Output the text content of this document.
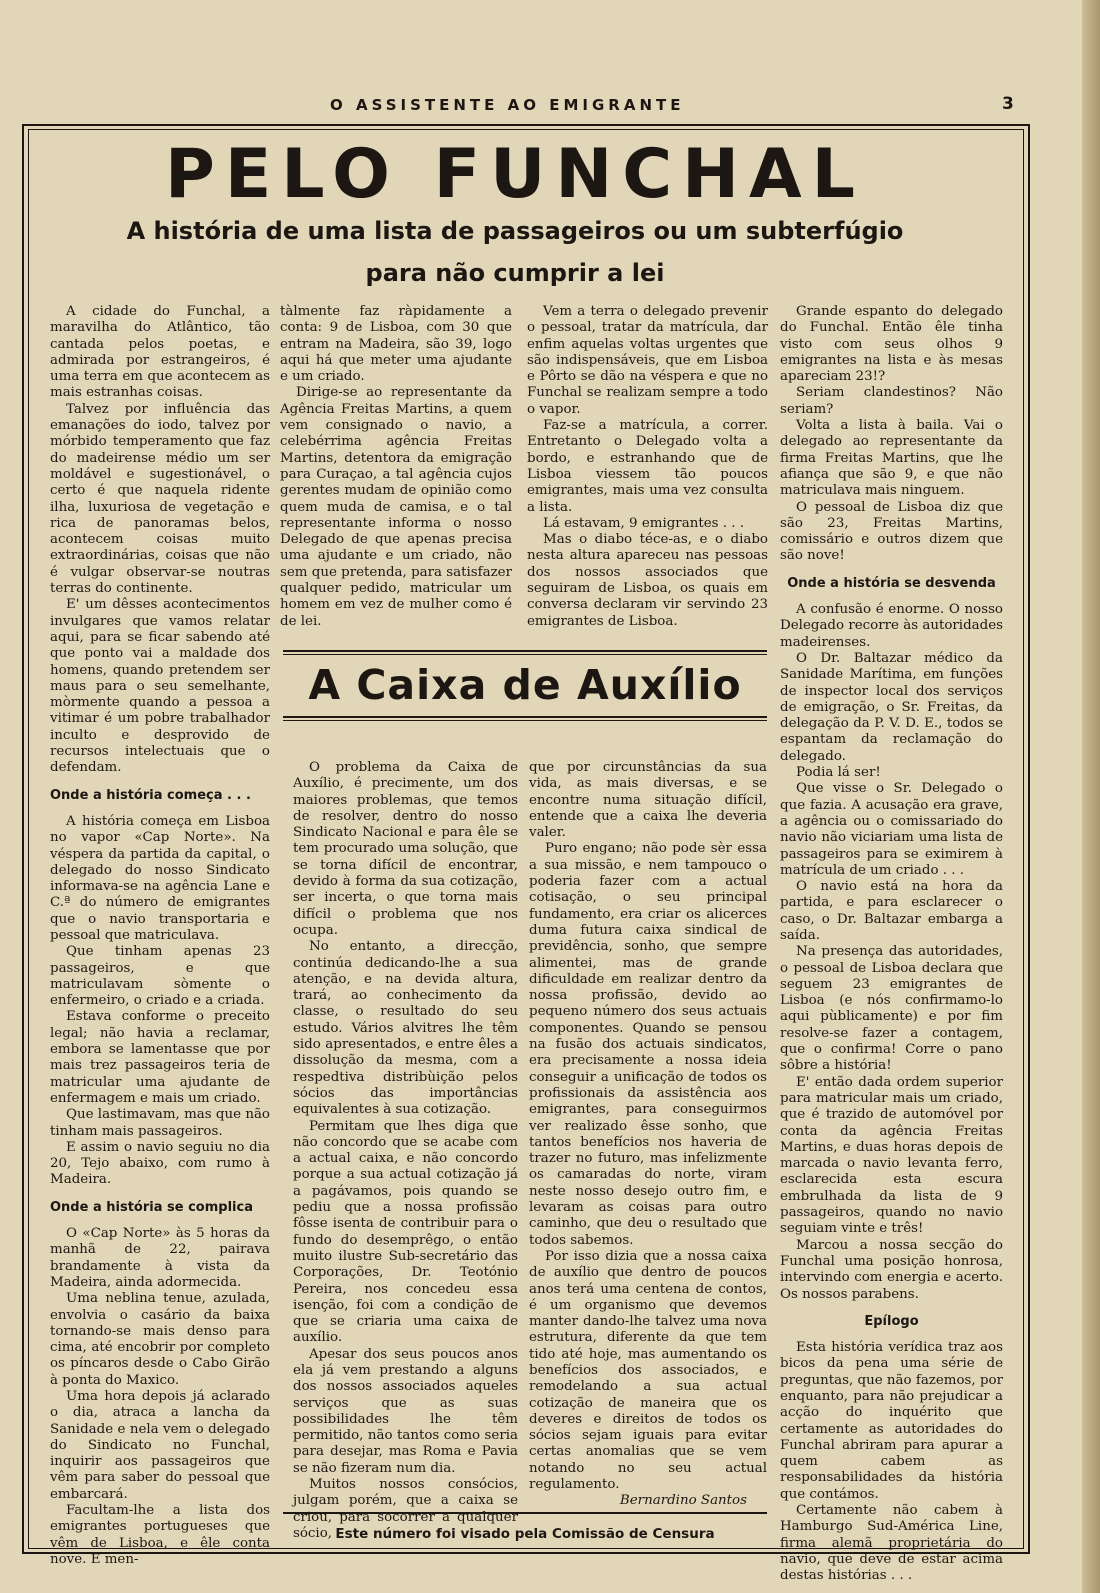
O ASSISTENTE AO EMIGRANTE	3
PELO FUNCHAL
A história de uma lista de passageiros ou um subterfúgio
para não cumprir a lei

A cidade do Funchal, a maravilha do Atlântico, tão cantada pelos poetas, e admirada por estrangeiros, é uma terra em que acontecem as mais estranhas coisas.

Talvez por influência das emanações do iodo, talvez por mórbido temperamento que faz do madeirense médio um ser moldável e sugestionável, o certo é que naquela ridente ilha, luxuriosa de vegetação e rica de panoramas belos, acontecem coisas muito extraordinárias, coisas que não é vulgar observar-se noutras terras do continente.

E' um dêsses acontecimentos invulgares que vamos relatar aqui, para se ficar sabendo até que ponto vai a maldade dos homens, quando pretendem ser maus para o seu semelhante, mòrmente quando a pessoa a vitimar é um pobre trabalhador inculto e desprovido de recursos intelectuais que o defendam.

Onde a história começa . . .

A história começa em Lisboa no vapor «Cap Norte». Na véspera da partida da capital, o delegado do nosso Sindicato informava-se na agência Lane e C.ª do número de emigrantes que o navio transportaria e pessoal que matriculava.

Que tinham apenas 23 passageiros, e que matriculavam sòmente o enfermeiro, o criado e a criada.

Estava conforme o preceito legal; não havia a reclamar, embora se lamentasse que por mais trez passageiros teria de matricular uma ajudante de enfermagem e mais um criado.

Que lastimavam, mas que não tinham mais passageiros.

E assim o navio seguiu no dia 20, Tejo abaixo, com rumo à Madeira.

Onde a história se complica

O «Cap Norte» às 5 horas da manhã de 22, pairava brandamente à vista da Madeira, ainda adormecida.

Uma neblina tenue, azulada, envolvia o casário da baixa tornando-se mais denso para cima, até encobrir por completo os píncaros desde o Cabo Girão à ponta do Maxico.

Uma hora depois já aclarado o dia, atraca a lancha da Sanidade e nela vem o delegado do Sindicato no Funchal, inquirir aos passageiros que vêm para saber do pessoal que embarcará.

Facultam-lhe a lista dos emigrantes portugueses que vêm de Lisboa, e êle conta nove. E men-

tàlmente faz ràpidamente a conta: 9 de Lisboa, com 30 que entram na Madeira, são 39, logo aqui há que meter uma ajudante e um criado.

Dirige-se ao representante da Agência Freitas Martins, a quem vem consignado o navio, a celebérrima agência Freitas Martins, detentora da emigração para Curaçao, a tal agência cujos gerentes mudam de opinião como quem muda de camisa, e o tal representante informa o nosso Delegado de que apenas precisa uma ajudante e um criado, não sem que pretenda, para satisfazer qualquer pedido, matricular um homem em vez de mulher como é de lei.

Vem a terra o delegado prevenir o pessoal, tratar da matrícula, dar enfim aquelas voltas urgentes que são indispensáveis, que em Lisboa e Pôrto se dão na véspera e que no Funchal se realizam sempre a todo o vapor.

Faz-se a matrícula, a correr. Entretanto o Delegado volta a bordo, e estranhando que de Lisboa viessem tão poucos emigrantes, mais uma vez consulta a lista.

Lá estavam, 9 emigrantes . . .

Mas o diabo téce-as, e o diabo nesta altura apareceu nas pessoas dos nossos associados que seguiram de Lisboa, os quais em conversa declaram vir servindo 23 emigrantes de Lisboa.

Grande espanto do delegado do Funchal. Então êle tinha visto com seus olhos 9 emigrantes na lista e às mesas apareciam 23!?

Seriam clandestinos? Não seriam?

Volta a lista à baila. Vai o delegado ao representante da firma Freitas Martins, que lhe afiança que são 9, e que não matriculava mais ninguem.

O pessoal de Lisboa diz que são 23, Freitas Martins, comissário e outros dizem que são nove!

Onde a história se desvenda

A confusão é enorme. O nosso Delegado recorre às autoridades madeirenses.

O Dr. Baltazar médico da Sanidade Marítima, em funções de inspector local dos serviços de emigração, o Sr. Freitas, da delegação da P. V. D. E., todos se espantam da reclamação do delegado.

Podia lá ser!

Que visse o Sr. Delegado o que fazia. A acusação era grave, a agência ou o comissariado do navio não viciariam uma lista de passageiros para se eximirem à matrícula de um criado . . .

O navio está na hora da partida, e para esclarecer o caso, o Dr. Baltazar embarga a saída.

Na presença das autoridades, o pessoal de Lisboa declara que seguem 23 emigrantes de Lisboa (e nós confirmamo-lo aqui pùblicamente) e por fim resolve-se fazer a contagem, que o confirma! Corre o pano sôbre a história!

E' então dada ordem superior para matricular mais um criado, que é trazido de automóvel por conta da agência Freitas Martins, e duas horas depois de marcada o navio levanta ferro, esclarecida esta escura embrulhada da lista de 9 passageiros, quando no navio seguiam vinte e três!

Marcou a nossa secção do Funchal uma posição honrosa, intervindo com energia e acerto. Os nossos parabens.

Epílogo

Esta história verídica traz aos bicos da pena uma série de preguntas, que não fazemos, por enquanto, para não prejudicar a acção do inquérito que certamente as autoridades do Funchal abriram para apurar a quem cabem as responsabilidades da história que contámos.

Certamente não cabem à Hamburgo Sud-América Line, firma alemã proprietária do navio, que deve de estar acima destas histórias . . .

A Caixa de Auxílio

O problema da Caixa de Auxílio, é precimente, um dos maiores problemas, que temos de resolver, dentro do nosso Sindicato Nacional e para êle se tem procurado uma solução, que se torna difícil de encontrar, devido à forma da sua cotização, ser incerta, o que torna mais difícil o problema que nos ocupa.

No entanto, a direcção, continúa dedicando-lhe a sua atenção, e na devida altura, trará, ao conhecimento da classe, o resultado do seu estudo. Vários alvitres lhe têm sido apresentados, e entre êles a dissolução da mesma, com a respedtiva distribùição pelos sócios das importâncias equivalentes à sua cotização.

Permitam que lhes diga que não concordo que se acabe com a actual caixa, e não concordo porque a sua actual cotização já a pagávamos, pois quando se pediu que a nossa profissão fôsse isenta de contribuir para o fundo do desemprêgo, o então muito ilustre Sub-secretário das Corporações, Dr. Teotónio Pereira, nos concedeu essa isenção, foi com a condição de que se criaria uma caixa de auxílio.

Apesar dos seus poucos anos ela já vem prestando a alguns dos nossos associados aqueles serviços que as suas possibilidades lhe têm permitido, não tantos como seria para desejar, mas Roma e Pavia se não fizeram num dia.

Muitos nossos consócios, julgam porém, que a caixa se criou, para socorrer a qualquer sócio,

que por circunstâncias da sua vida, as mais diversas, e se encontre numa situação difícil, entende que a caixa lhe deveria valer.

Puro engano; não pode sèr essa a sua missão, e nem tampouco o poderia fazer com a actual cotisação, o seu principal fundamento, era criar os alicerces duma futura caixa sindical de previdência, sonho, que sempre alimentei, mas de grande dificuldade em realizar dentro da nossa profissão, devido ao pequeno número dos seus actuais componentes. Quando se pensou na fusão dos actuais sindicatos, era precisamente a nossa ideia conseguir a unificação de todos os profissionais da assistência aos emigrantes, para conseguirmos ver realizado êsse sonho, que tantos benefícios nos haveria de trazer no futuro, mas infelizmente os camaradas do norte, viram neste nosso desejo outro fim, e levaram as coisas para outro caminho, que deu o resultado que todos sabemos.

Por isso dizia que a nossa caixa de auxílio que dentro de poucos anos terá uma centena de contos, é um organismo que devemos manter dando-lhe talvez uma nova estrutura, diferente da que tem tido até hoje, mas aumentando os benefícios dos associados, e remodelando a sua actual cotização de maneira que os deveres e direitos de todos os sócios sejam iguais para evitar certas anomalias que se vem notando no seu actual regulamento.

Bernardino Santos

Este número foi visado pela Comissão de Censura
